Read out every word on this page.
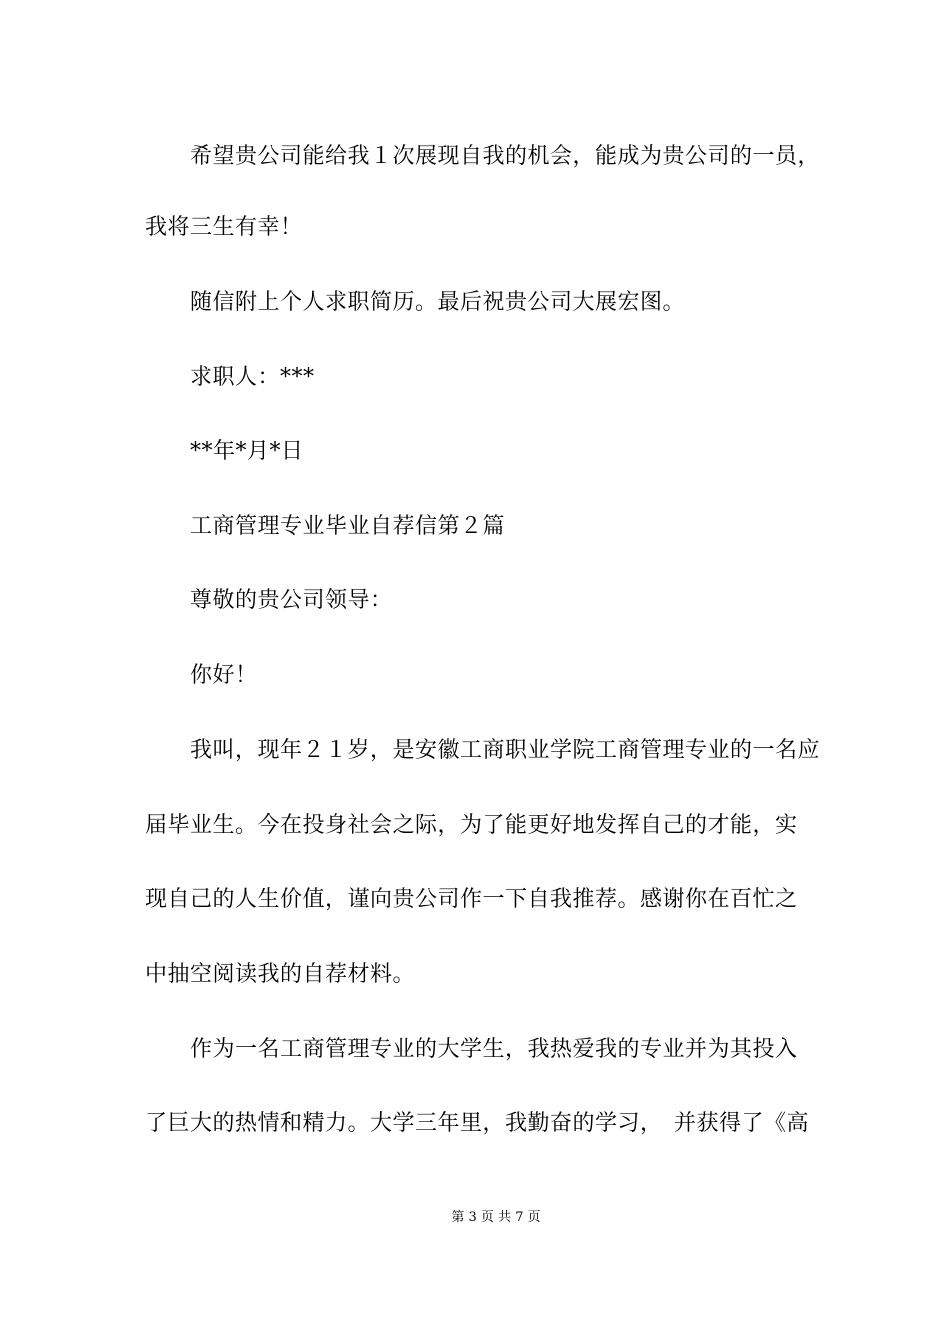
希望贵公司能给我１次展现自我的机会，能成为贵公司的一员，
我将三生有幸！
随信附上个人求职简历。最后祝贵公司大展宏图。
求职人：***
**年*月*日
工商管理专业毕业自荐信第２篇
尊敬的贵公司领导：
你好！
我叫，现年２１岁，是安徽工商职业学院工商管理专业的一名应
届毕业生。今在投身社会之际，为了能更好地发挥自己的才能，实
现自己的人生价值，谨向贵公司作一下自我推荐。感谢你在百忙之
中抽空阅读我的自荐材料。
作为一名工商管理专业的大学生，我热爱我的专业并为其投入
了巨大的热情和精力。大学三年里，我勤奋的学习，　并获得了《高
第 3 页 共 7 页
